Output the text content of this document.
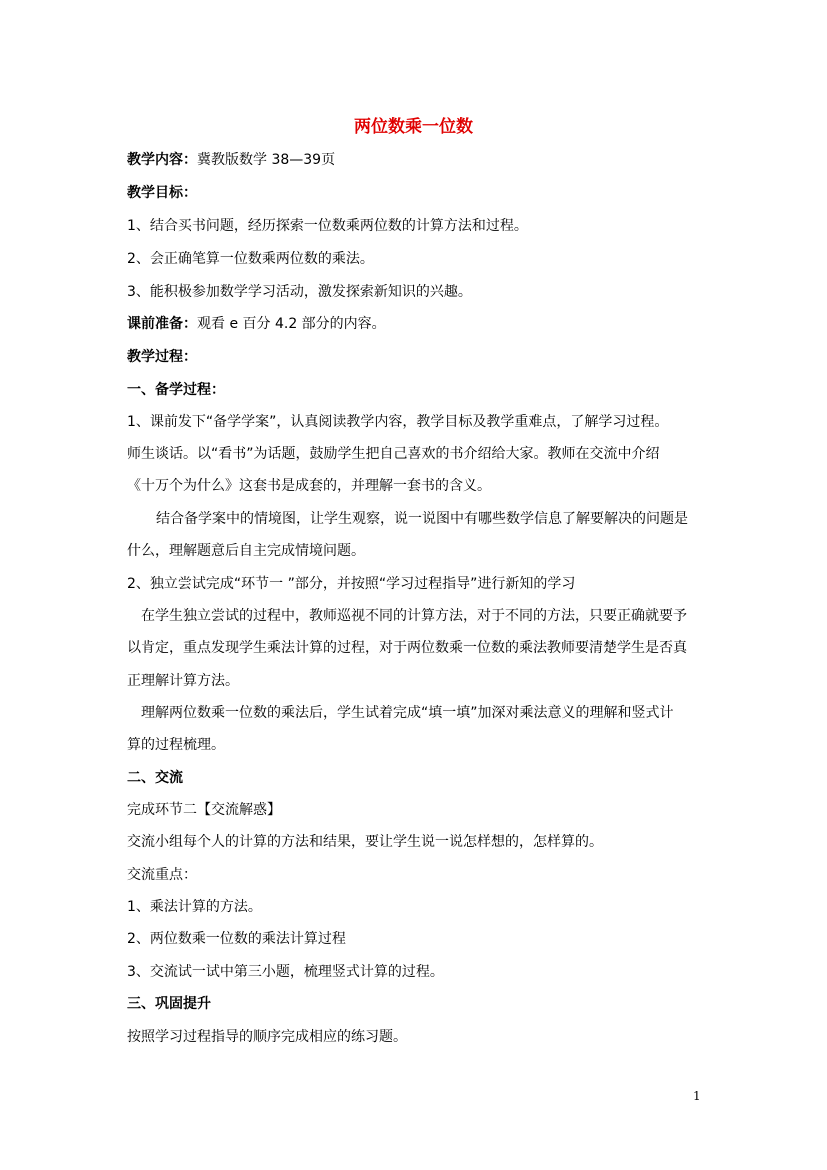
两位数乘一位数
教学内容：冀教版数学 38—39页
教学目标：
1、结合买书问题，经历探索一位数乘两位数的计算方法和过程。
2、会正确笔算一位数乘两位数的乘法。
3、能积极参加数学学习活动，激发探索新知识的兴趣。
课前准备：观看 e 百分 4.2 部分的内容。
教学过程：
一、备学过程：
1、课前发下“备学学案”，认真阅读教学内容，教学目标及教学重难点，了解学习过程。
师生谈话。以“看书”为话题，鼓励学生把自己喜欢的书介绍给大家。教师在交流中介绍
《十万个为什么》这套书是成套的，并理解一套书的含义。
结合备学案中的情境图，让学生观察，说一说图中有哪些数学信息了解要解决的问题是
什么，理解题意后自主完成情境问题。
2、独立尝试完成“环节一 ”部分，并按照“学习过程指导”进行新知的学习
在学生独立尝试的过程中，教师巡视不同的计算方法，对于不同的方法，只要正确就要予
以肯定，重点发现学生乘法计算的过程，对于两位数乘一位数的乘法教师要清楚学生是否真
正理解计算方法。
理解两位数乘一位数的乘法后，学生试着完成“填一填”加深对乘法意义的理解和竖式计
算的过程梳理。
二、交流
完成环节二【交流解惑】
交流小组每个人的计算的方法和结果，要让学生说一说怎样想的，怎样算的。
交流重点：
1、乘法计算的方法。
2、两位数乘一位数的乘法计算过程
3、交流试一试中第三小题，梳理竖式计算的过程。
三、巩固提升
按照学习过程指导的顺序完成相应的练习题。
1
